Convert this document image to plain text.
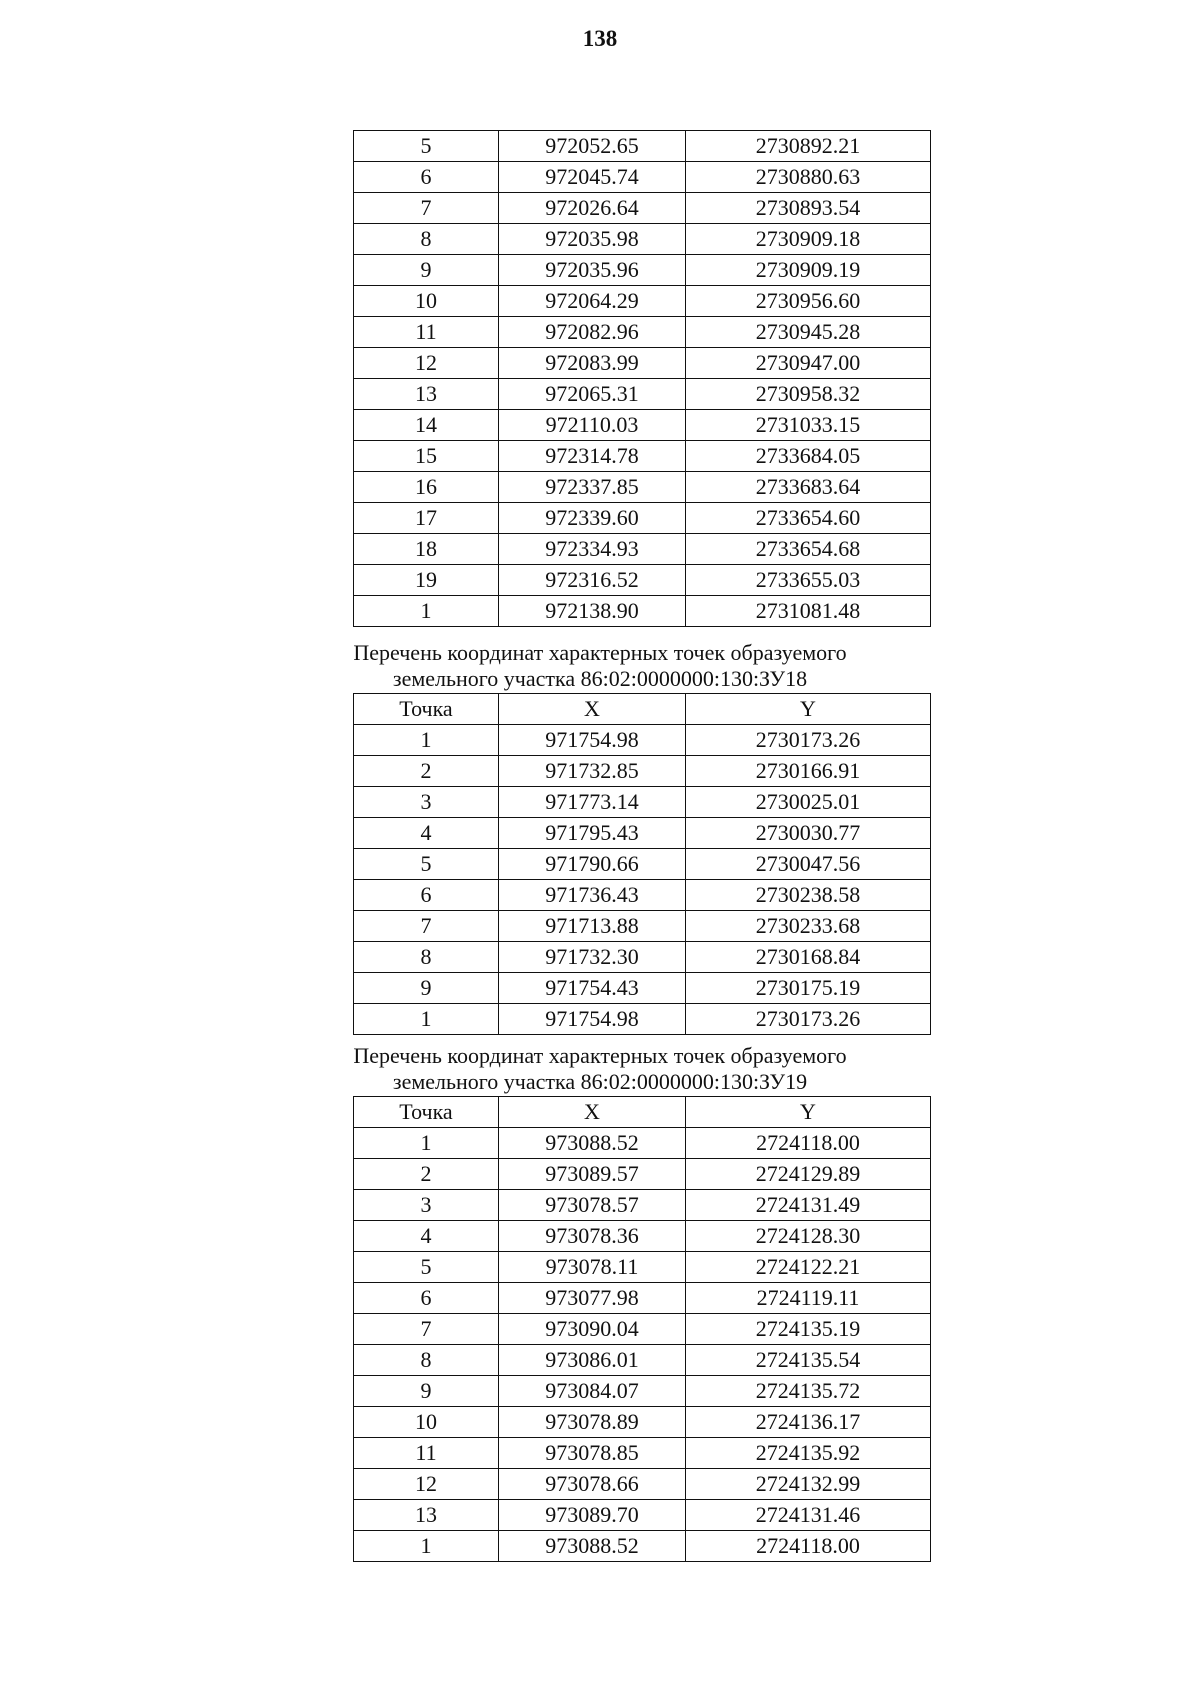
138
5	972052.65	2730892.21
6	972045.74	2730880.63
7	972026.64	2730893.54
8	972035.98	2730909.18
9	972035.96	2730909.19
10	972064.29	2730956.60
11	972082.96	2730945.28
12	972083.99	2730947.00
13	972065.31	2730958.32
14	972110.03	2731033.15
15	972314.78	2733684.05
16	972337.85	2733683.64
17	972339.60	2733654.60
18	972334.93	2733654.68
19	972316.52	2733655.03
1	972138.90	2731081.48
Перечень координат характерных точек образуемого
земельного участка 86:02:0000000:130:ЗУ18
Точка	X	Y
1	971754.98	2730173.26
2	971732.85	2730166.91
3	971773.14	2730025.01
4	971795.43	2730030.77
5	971790.66	2730047.56
6	971736.43	2730238.58
7	971713.88	2730233.68
8	971732.30	2730168.84
9	971754.43	2730175.19
1	971754.98	2730173.26
Перечень координат характерных точек образуемого
земельного участка 86:02:0000000:130:ЗУ19
Точка	X	Y
1	973088.52	2724118.00
2	973089.57	2724129.89
3	973078.57	2724131.49
4	973078.36	2724128.30
5	973078.11	2724122.21
6	973077.98	2724119.11
7	973090.04	2724135.19
8	973086.01	2724135.54
9	973084.07	2724135.72
10	973078.89	2724136.17
11	973078.85	2724135.92
12	973078.66	2724132.99
13	973089.70	2724131.46
1	973088.52	2724118.00
